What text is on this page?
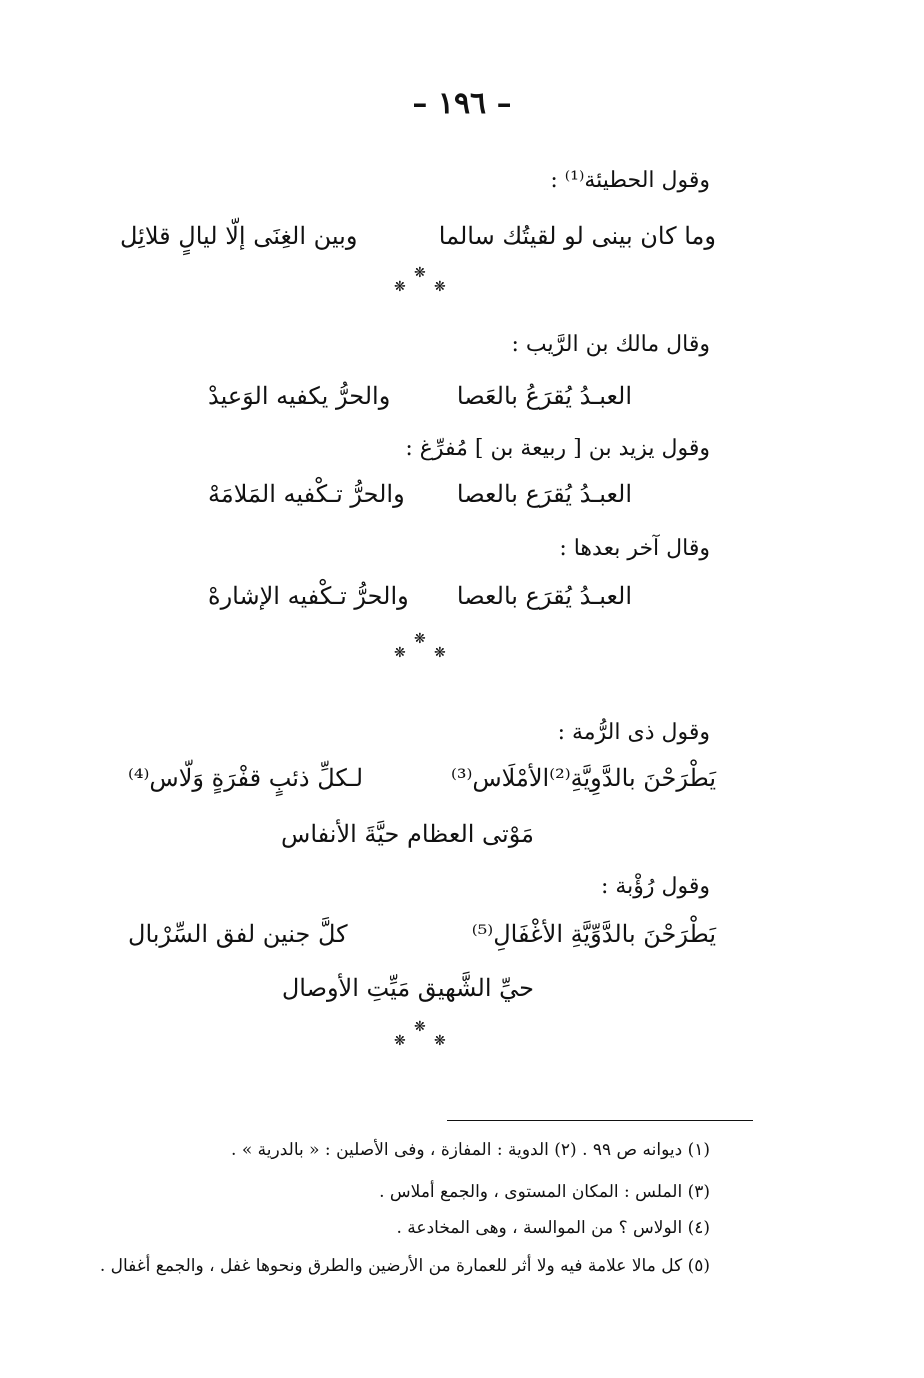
– ١٩٦ –
وقول الحطيئة⁽¹⁾ :
وما كان بينى لو لقيتُك سالما
وبين الغِنَى إلّا ليالٍ قلائِل
❋
❋ ❋
وقال مالك بن الرَّيب :
العبـدُ يُقرَعُ بالعَصا
والحرُّ يكفيه الوَعيدْ
وقول يزيد بن [ ربيعة بن ] مُفرِّغ :
العبـدُ يُقرَع بالعصا
والحرُّ تـكْفيه المَلامَهْ
وقال آخر بعدها :
العبـدُ يُقرَع بالعصا
والحرُّ تـكْفيه الإشارهْ
❋
❋ ❋
وقول ذى الرُّمة :
يَطْرَحْنَ بالدَّوِيَّةِ⁽²⁾الأمْلَاس⁽³⁾
لـكلِّ ذئبٍ قفْرَةٍ وَلّاس⁽⁴⁾
مَوْتى العظام حيَّةَ الأنفاس
وقول رُؤْبة :
يَطْرَحْنَ بالدَّوِّيَّةِ الأغْفَالِ⁽⁵⁾
كلَّ جنين لفق السِّرْبال
حيِّ الشَّهيق مَيِّتِ الأوصال
❋
❋ ❋
(١) ديوانه ص ٩٩ . (٢) الدوية : المفازة ، وفى الأصلين : « بالدرية » .
(٣) الملس : المكان المستوى ، والجمع أملاس .
(٤) الولاس ؟ من الموالسة ، وهى المخادعة .
(٥) كل مالا علامة فيه ولا أثر للعمارة من الأرضين والطرق ونحوها غفل ، والجمع أغفال .
